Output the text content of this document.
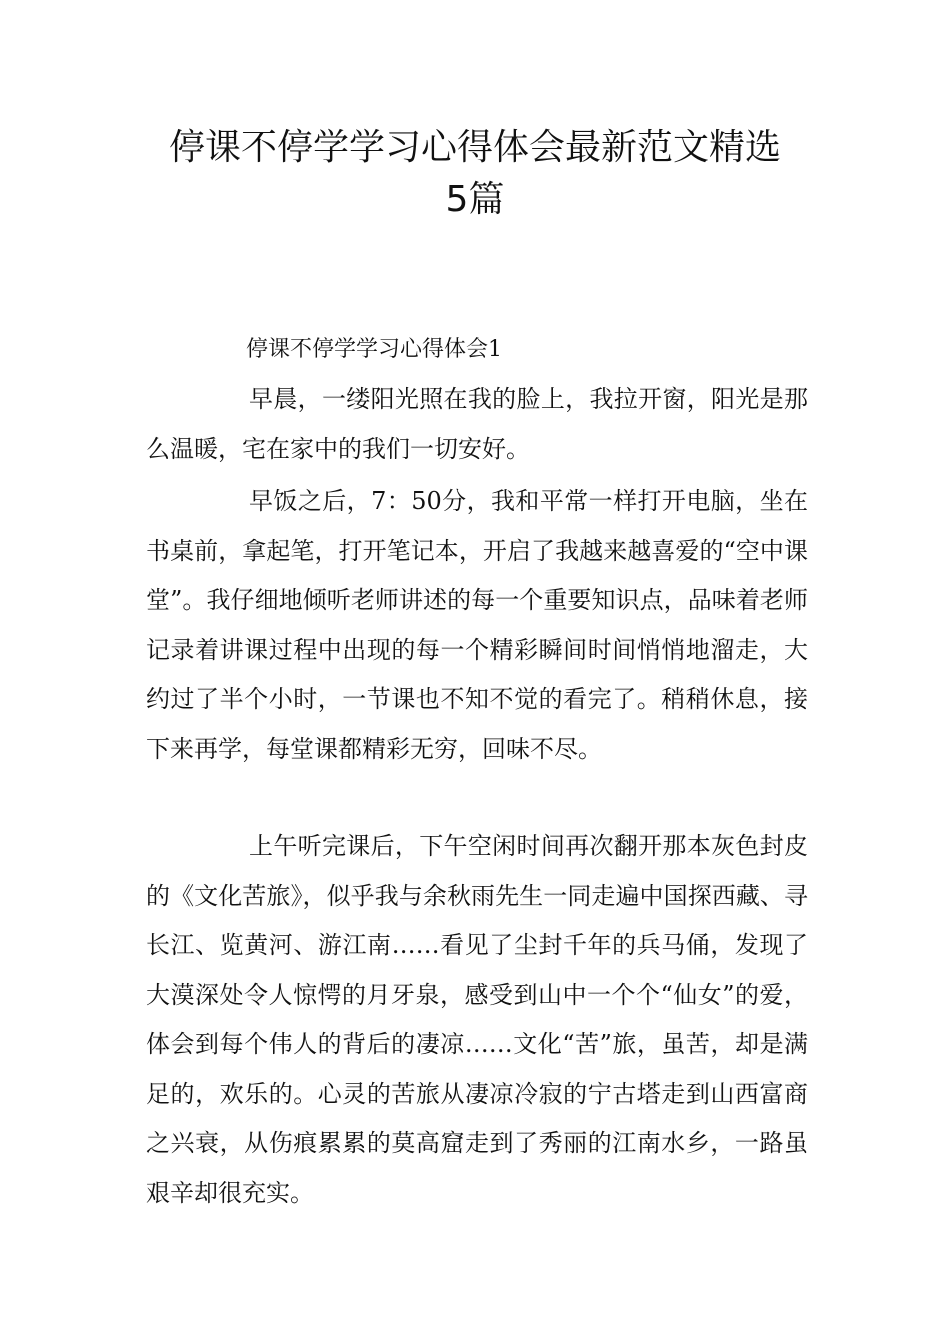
停课不停学学习心得体会最新范文精选
5篇

停课不停学学习心得体会1

早晨，一缕阳光照在我的脸上，我拉开窗，阳光是那么温暖，宅在家中的我们一切安好。

早饭之后，7：50分，我和平常一样打开电脑，坐在书桌前，拿起笔，打开笔记本，开启了我越来越喜爱的“空中课堂”。我仔细地倾听老师讲述的每一个重要知识点，品味着老师记录着讲课过程中出现的每一个精彩瞬间时间悄悄地溜走，大约过了半个小时，一节课也不知不觉的看完了。稍稍休息，接下来再学，每堂课都精彩无穷，回味不尽。

上午听完课后，下午空闲时间再次翻开那本灰色封皮的《文化苦旅》，似乎我与余秋雨先生一同走遍中国探西藏、寻长江、览黄河、游江南……看见了尘封千年的兵马俑，发现了大漠深处令人惊愕的月牙泉，感受到山中一个个“仙女”的爱，体会到每个伟人的背后的凄凉……文化“苦”旅，虽苦，却是满足的，欢乐的。心灵的苦旅从凄凉冷寂的宁古塔走到山西富商之兴衰，从伤痕累累的莫高窟走到了秀丽的江南水乡，一路虽艰辛却很充实。
